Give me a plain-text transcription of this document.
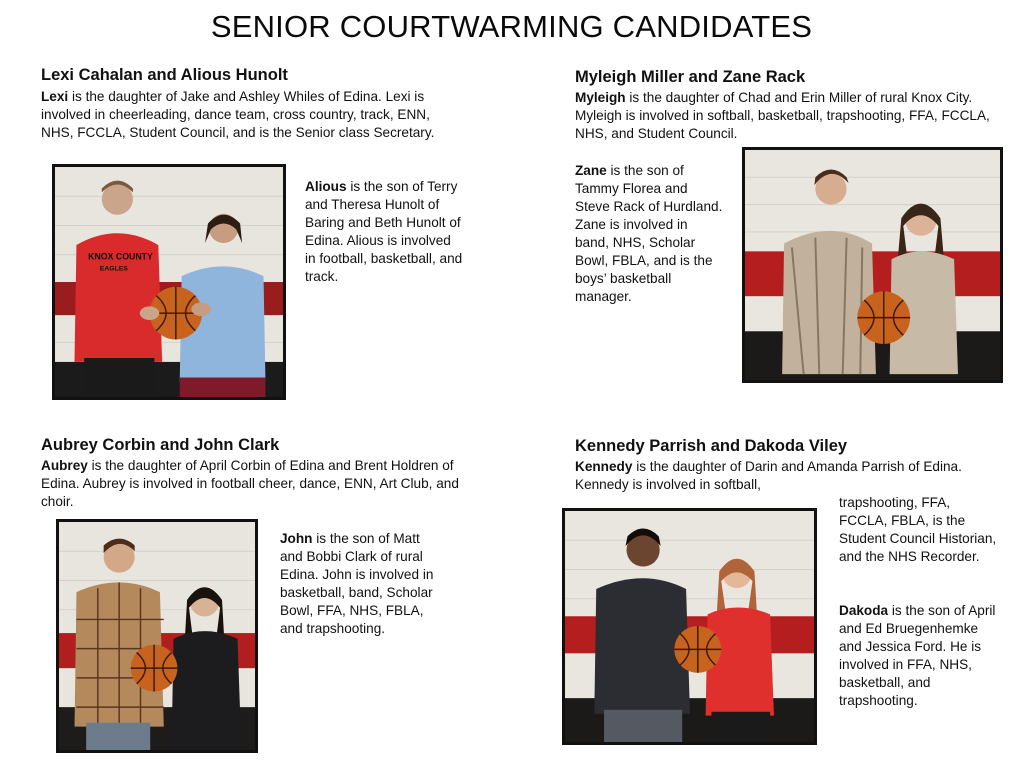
SENIOR COURTWARMING CANDIDATES
Lexi Cahalan and Alious Hunolt
Lexi is the daughter of Jake and Ashley Whiles of Edina. Lexi is involved in cheerleading, dance team, cross country, track, ENN, NHS, FCCLA, Student Council, and is the Senior class Secretary.
KNOX COUNTY
EAGLES
Alious is the son of Terry and Theresa Hunolt of Baring and Beth Hunolt of Edina. Alious is involved in football, basketball, and track.
Myleigh Miller and Zane Rack
Myleigh is the daughter of Chad and Erin Miller of rural Knox City. Myleigh is involved in softball, basketball, trapshooting, FFA, FCCLA, NHS, and Student Council.
Zane is the son of Tammy Florea and Steve Rack of Hurdland. Zane is involved in band, NHS, Scholar Bowl, FBLA, and is the boys’ basketball manager.
Aubrey Corbin and John Clark
Aubrey is the daughter of April Corbin of Edina and Brent Holdren of Edina. Aubrey is involved in football cheer, dance, ENN, Art Club, and choir.
John is the son of Matt and Bobbi Clark of rural Edina. John is involved in basketball, band, Scholar Bowl, FFA, NHS, FBLA, and trapshooting.
Kennedy Parrish and Dakoda Viley
Kennedy is the daughter of Darin and Amanda Parrish of Edina. Kennedy is involved in softball,
trapshooting, FFA, FCCLA, FBLA, is the Student Council Historian, and the NHS Recorder.
Dakoda is the son of April and Ed Bruegenhemke and Jessica Ford. He is involved in FFA, NHS, basketball, and trapshooting.
